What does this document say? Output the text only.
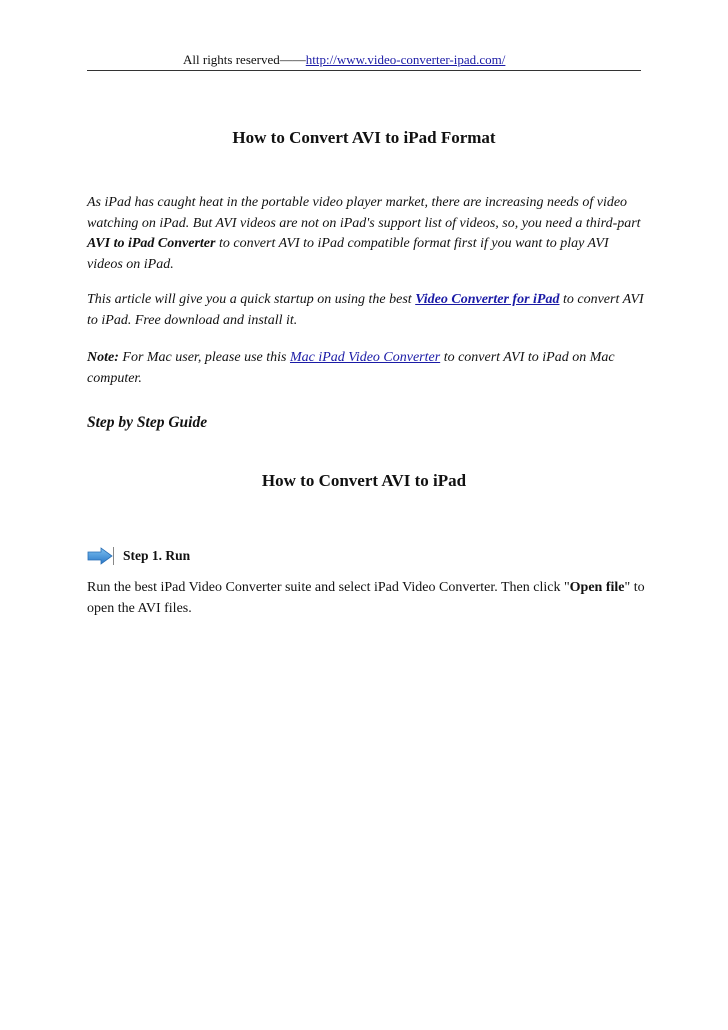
All rights reserved——http://www.video-converter-ipad.com/
How to Convert AVI to iPad Format
As iPad has caught heat in the portable video player market, there are increasing needs of video watching on iPad. But AVI videos are not on iPad's support list of videos, so, you need a third-part AVI to iPad Converter to convert AVI to iPad compatible format first if you want to play AVI videos on iPad.
This article will give you a quick startup on using the best Video Converter for iPad to convert AVI to iPad. Free download and install it.
Note: For Mac user, please use this Mac iPad Video Converter to convert AVI to iPad on Mac computer.
Step by Step Guide
How to Convert AVI to iPad
Step 1. Run
Run the best iPad Video Converter suite and select iPad Video Converter. Then click "Open file" to open the AVI files.
